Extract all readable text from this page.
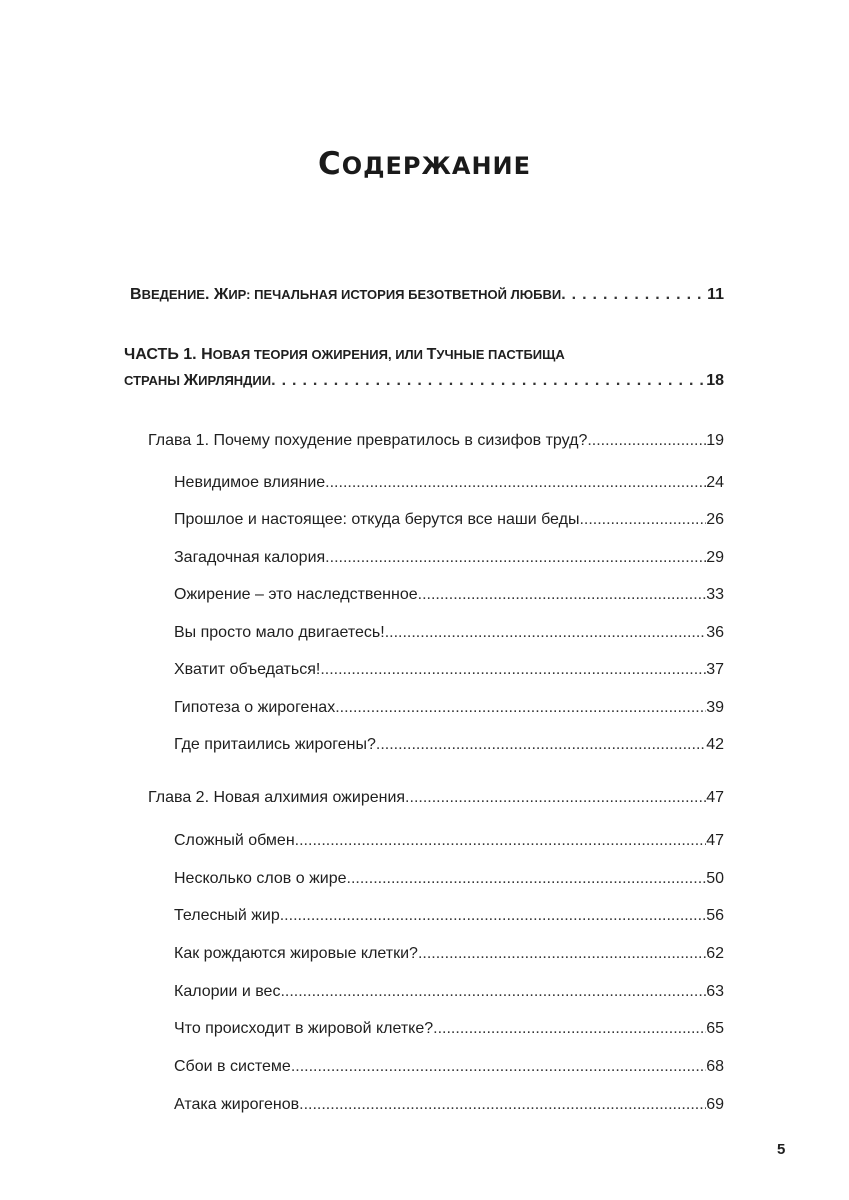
СОДЕРЖАНИЕ
ВВЕДЕНИЕ. ЖИР: ПЕЧАЛЬНАЯ ИСТОРИЯ БЕЗОТВЕТНОЙ ЛЮБВИ .....	11
ЧАСТЬ 1. НОВАЯ ТЕОРИЯ ОЖИРЕНИЯ, ИЛИ ТУЧНЫЕ ПАСТБИЩА
СТРАНЫ ЖИРЛЯНДИИ .....	18
Глава 1. Почему похудение превратилось в сизифов труд? .....	19
Невидимое влияние .....	24
Прошлое и настоящее: откуда берутся все наши беды .....	26
Загадочная калория .....	29
Ожирение – это наследственное .....	33
Вы просто мало двигаетесь! .....	36
Хватит объедаться! .....	37
Гипотеза о жирогенах .....	39
Где притаились жирогены? .....	42
Глава 2. Новая алхимия ожирения .....	47
Сложный обмен .....	47
Несколько слов о жире .....	50
Телесный жир .....	56
Как рождаются жировые клетки? .....	62
Калории и вес .....	63
Что происходит в жировой клетке? .....	65
Сбои в системе .....	68
Атака жирогенов .....	69
5
